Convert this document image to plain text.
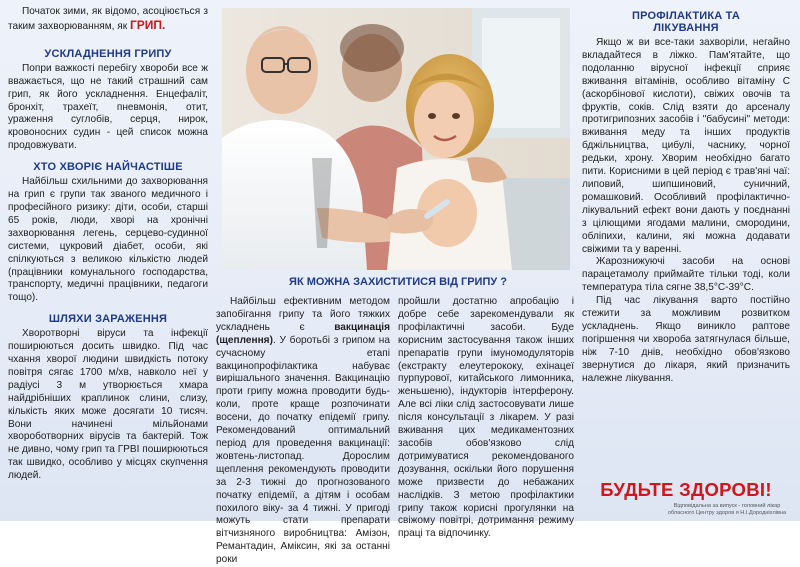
Початок зими, як відомо, асоціюється з таким захворюванням, як ГРИП.

УСКЛАДНЕННЯ ГРИПУ

Попри важкості перебігу хвороби все ж вважається, що не такий страшний сам грип, як його ускладнення. Енцефаліт, бронхіт, трахеїт, пневмонія, отит, ураження суглобів, серця, нирок, кровоносних судин - цей список можна продовжувати.

ХТО ХВОРІЄ НАЙЧАСТІШЕ

Найбільш схильними до захворювання на грип є групи так званого медичного і професійного ризику: діти, особи, старші 65 років, люди, хворі на хронічні захворювання легень, серцево-судинної системи, цукровий діабет, особи, які спілкуються з великою кількістю людей (працівники комунального господарства, транспорту, медичні працівники, педагоги тощо).

ШЛЯХИ ЗАРАЖЕННЯ

Хворотворні віруси та інфекції поширюються досить швидко. Під час чхання хворої людини швидкість потоку повітря сягає 1700 м/хв, навколо неї у радіусі 3 м утворюється хмара найдрібніших краплинок слини, слизу, кількість яких може досягати 10 тисяч. Вони начинені мільйонами хвороботворних вірусів та бактерій. Тож не дивно, чому грип та ГРВІ поширюються так швидко, особливо у місцях скупчення людей.

ЯК МОЖНА ЗАХИСТИТИСЯ ВІД ГРИПУ ?

Найбільш ефективним методом запобігання грипу та його тяжких ускладнень є	вакцинація (щеплення). У боротьбі з грипом на сучасному етапі вакцинопрофілактика набуває вирішального значення. Вакцинацію проти грипу можна проводити будь-коли, проте краще розпочинати восени, до початку епідемії грипу. Рекомендований оптимальний період для проведення вакцинації: жовтень-листопад. Дорослим щеплення рекомендують проводити за 2-3 тижні до прогнозованого початку епідемії, а дітям і особам похилого віку- за 4 тижні. У пригоді можуть стати препарати вітчизняного виробництва: Амізон, Ремантадин, Аміксин, які за останні роки

пройшли достатню апробацію і добре себе зарекомендували як профілактичні засоби. Буде корисним застосування також інших препаратів групи імуномодуляторів (екстракту елеутерококу, ехінацеї пурпурової, китайського лимонника, женьшеню), індукторів інтерферону. Але всі ліки слід застосовувати лише після консультації з лікарем. У разі вживання цих медикаментозних засобів обов'язково слід дотримуватися рекомендованого дозування, оскільки його порушення може призвести до небажаних наслідків. З метою профілактики грипу також корисні прогулянки на свіжому повітрі, дотримання режиму праці та відпочинку.

ПРОФІЛАКТИКА ТА ЛІКУВАННЯ

Якщо ж ви все-таки захворіли, негайно вкладайтеся в ліжко. Пам'ятайте, що подоланню вірусної інфекції сприяє вживання вітамінів, особливо вітаміну С (аскорбінової кислоти), свіжих овочів та фруктів, соків. Слід взяти до арсеналу протигрипозних засобів і "бабусині" методи: вживання меду та інших продуктів бджільництва, цибулі, часнику, чорної редьки, хрону. Хворим необхідно багато пити. Корисними в цей період є трав'яні чаї: липовий, шипшиновий, суничний, ромашковий. Особливий профілактично-лікувальний ефект вони дають у поєднанні з цілющими ягодами малини, смородини, обліпихи, калини, які можна додавати свіжими та у варенні.

Жарознижуючі засоби на основі парацетамолу приймайте тільки тоді, коли температура тіла сягне 38,5°С-39°С.

Під час лікування варто постійно стежити за можливим розвитком ускладнень. Якщо виникло раптове погіршення чи хвороба затягнулася більше, ніж 7-10 днів, необхідно обов'язково звернутися до лікаря, який призначить належне лікування.

БУДЬТЕ ЗДОРОВІ!
Відповідальна за випуск - головний лікар обласного Центру здоров я Н.І.Дородніхлівна
